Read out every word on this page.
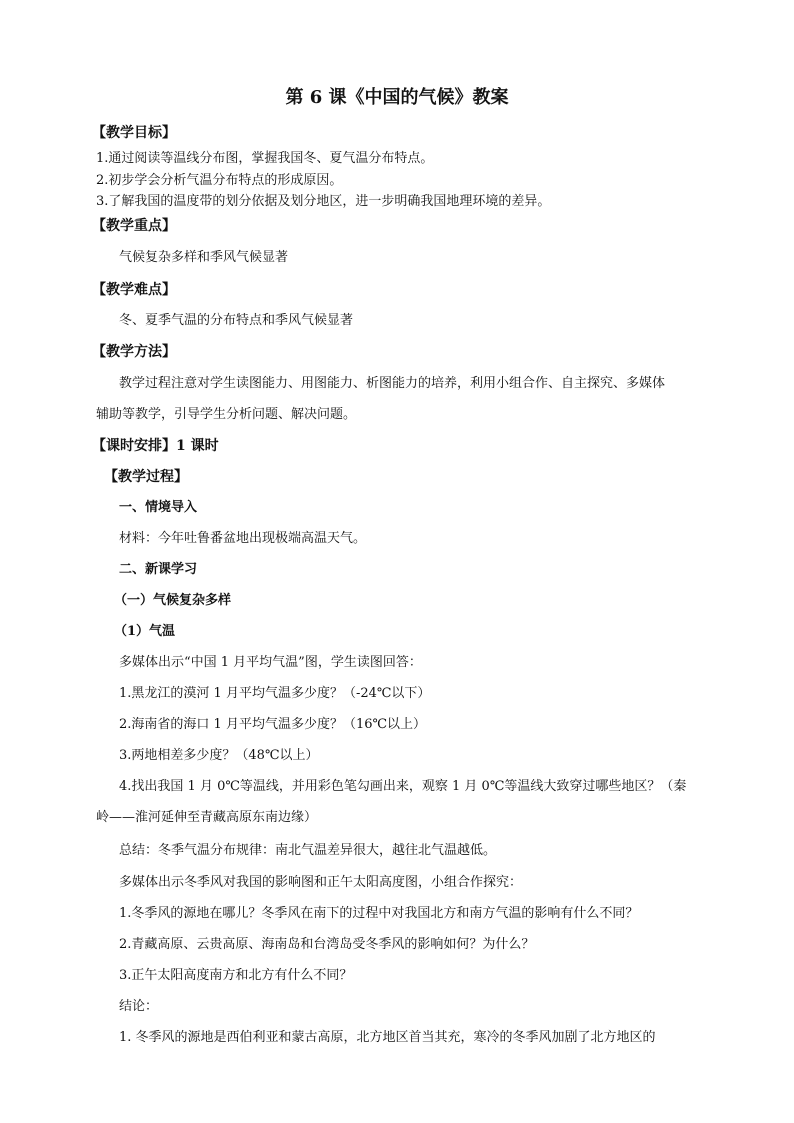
第 6 课《中国的气候》教案
【教学目标】
1.通过阅读等温线分布图，掌握我国冬、夏气温分布特点。
2.初步学会分析气温分布特点的形成原因。
3.了解我国的温度带的划分依据及划分地区，进一步明确我国地理环境的差异。
【教学重点】
气候复杂多样和季风气候显著
【教学难点】
冬、夏季气温的分布特点和季风气候显著
【教学方法】
教学过程注意对学生读图能力、用图能力、析图能力的培养，利用小组合作、自主探究、多媒体
辅助等教学，引导学生分析问题、解决问题。
【课时安排】1 课时
【教学过程】
一、情境导入
材料：今年吐鲁番盆地出现极端高温天气。
二、新课学习
（一）气候复杂多样
（1）气温
多媒体出示“中国 1 月平均气温”图，学生读图回答：
1.黑龙江的漠河 1 月平均气温多少度？（-24℃以下）
2.海南省的海口 1 月平均气温多少度？（16℃以上）
3.两地相差多少度？（48℃以上）
4.找出我国 1 月 0℃等温线，并用彩色笔勾画出来，观察 1 月 0℃等温线大致穿过哪些地区？（秦
岭——淮河延伸至青藏高原东南边缘）
总结：冬季气温分布规律：南北气温差异很大，越往北气温越低。
多媒体出示冬季风对我国的影响图和正午太阳高度图，小组合作探究：
1.冬季风的源地在哪儿？冬季风在南下的过程中对我国北方和南方气温的影响有什么不同？
2.青藏高原、云贵高原、海南岛和台湾岛受冬季风的影响如何？为什么？
3.正午太阳高度南方和北方有什么不同？
结论：
1. 冬季风的源地是西伯利亚和蒙古高原，北方地区首当其充，寒冷的冬季风加剧了北方地区的
